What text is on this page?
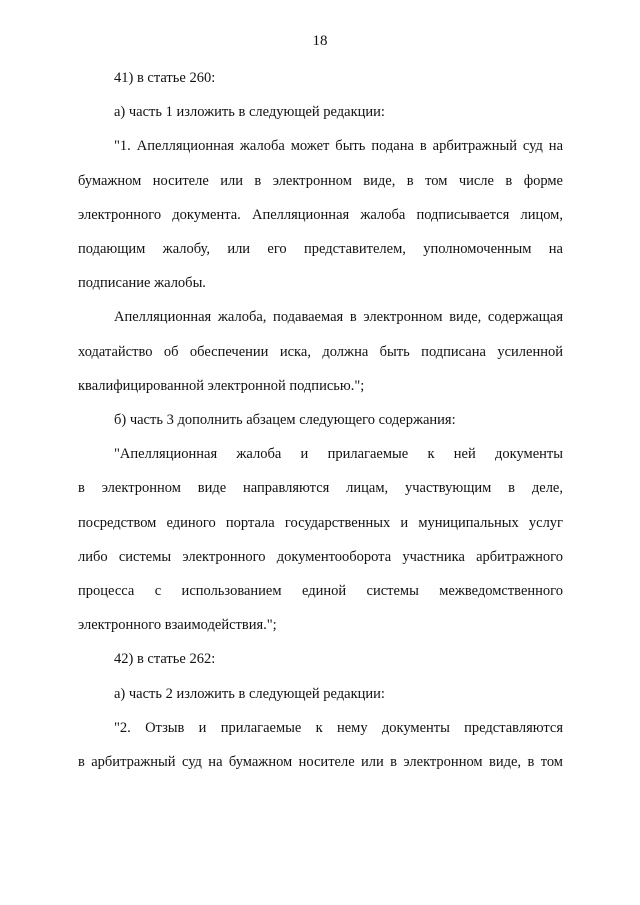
18
41) в статье 260:
а) часть 1 изложить в следующей редакции:
"1. Апелляционная жалоба может быть подана в арбитражный суд на
бумажном носителе или в электронном виде, в том числе в форме
электронного документа. Апелляционная жалоба подписывается лицом,
подающим жалобу, или его представителем, уполномоченным на
подписание жалобы.
Апелляционная жалоба, подаваемая в электронном виде, содержащая
ходатайство об обеспечении иска, должна быть подписана усиленной
квалифицированной электронной подписью.";
б) часть 3 дополнить абзацем следующего содержания:
"Апелляционная жалоба и прилагаемые к ней документы
в электронном виде направляются лицам, участвующим в деле,
посредством единого портала государственных и муниципальных услуг
либо системы электронного документооборота участника арбитражного
процесса с использованием единой системы межведомственного
электронного взаимодействия.";
42) в статье 262:
а) часть 2 изложить в следующей редакции:
"2. Отзыв и прилагаемые к нему документы представляются
в арбитражный суд на бумажном носителе или в электронном виде, в том
